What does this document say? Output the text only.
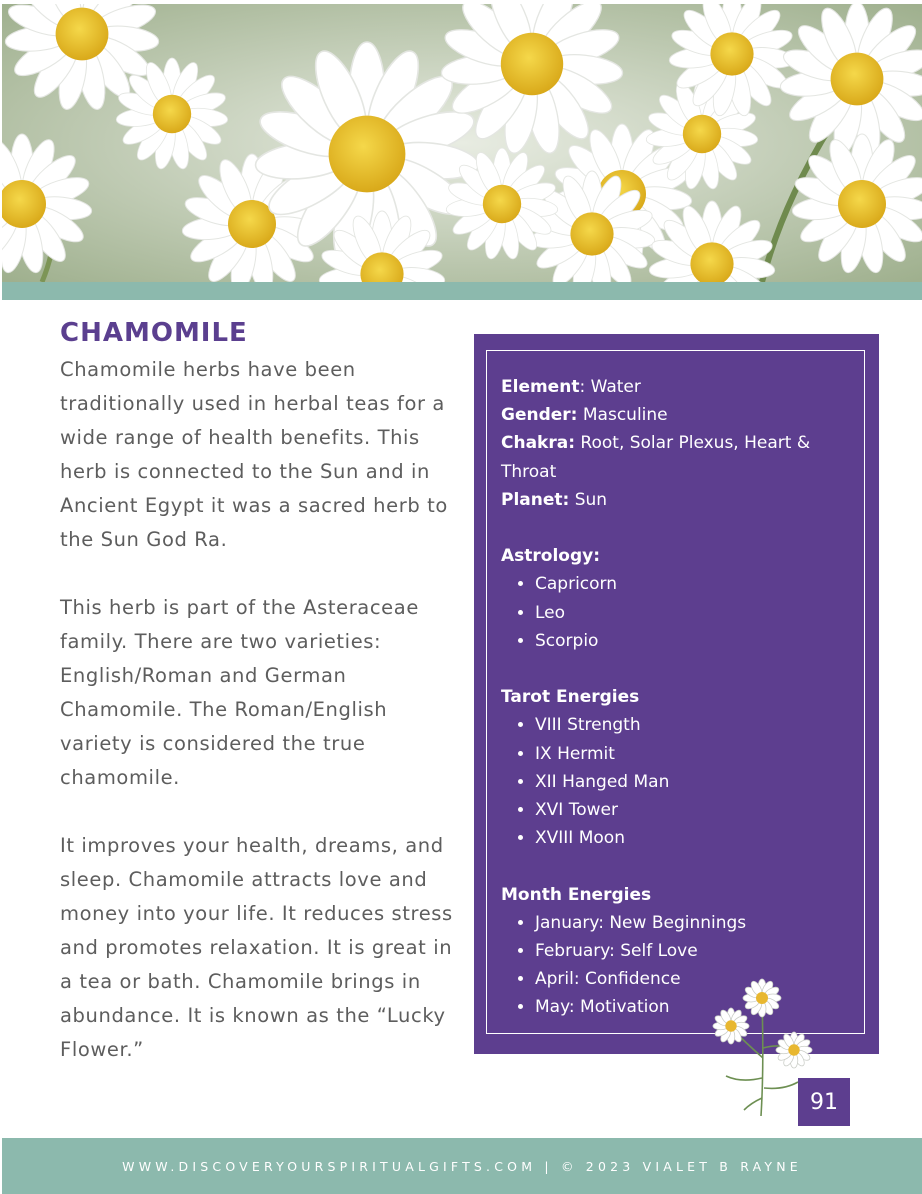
CHAMOMILE

Chamomile herbs have been traditionally used in herbal teas for a wide range of health benefits. This herb is connected to the Sun and in Ancient Egypt it was a sacred herb to the Sun God Ra.

This herb is part of the Asteraceae family. There are two varieties: English/Roman and German Chamomile. The Roman/English variety is considered the true chamomile.

It improves your health, dreams, and sleep. Chamomile attracts love and money into your life. It reduces stress and promotes relaxation. It is great in a tea or bath. Chamomile brings in abundance. It is known as the “Lucky Flower.”

Element: Water

Gender: Masculine

Chakra: Root, Solar Plexus, Heart & Throat

Planet: Sun

Astrology:

• Capricorn
• Leo
• Scorpio

Tarot Energies

• VIII Strength
• IX Hermit
• XII Hanged Man
• XVI Tower
• XVIII Moon

Month Energies

• January: New Beginnings
• February: Self Love
• April: Confidence
• May: Motivation
91
WWW.DISCOVERYOURSPIRITUALGIFTS.COM | © 2023 VIALET B RAYNE
